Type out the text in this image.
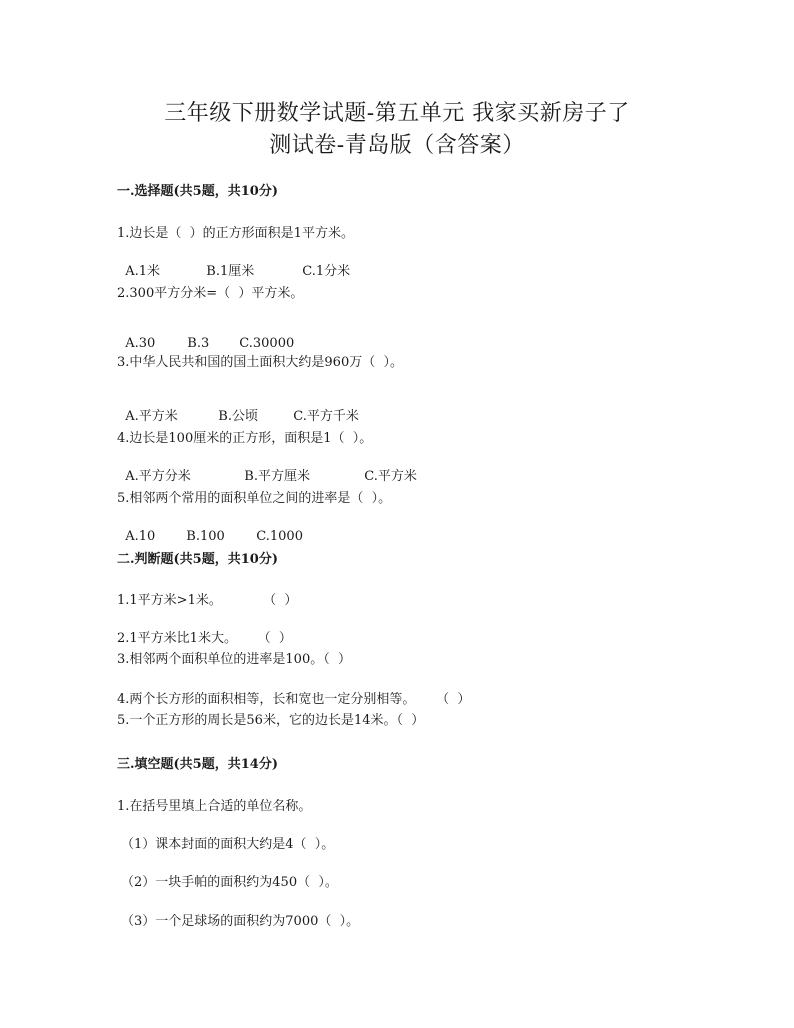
三年级下册数学试题-第五单元 我家买新房子了
测试卷-青岛版（含答案）
一.选择题(共5题，共10分)
1.边长是（  ）的正方形面积是1平方米。

A.1米	B.1厘米	C.1分米

2.300平方分米=（  ）平方米。

A.30 B.3 C.30000

3.中华人民共和国的国土面积大约是960万（  ）。

A.平方米	B.公顷	C.平方千米

4.边长是100厘米的正方形，面积是1（  ）。

A.平方分米	B.平方厘米	C.平方米

5.相邻两个常用的面积单位之间的进率是（  ）。

A.10 B.100 C.1000

二.判断题(共5题，共10分)
1.1平方米>1米。          （  ）
2.1平方米比1米大。     （  ）
3.相邻两个面积单位的进率是100。（  ）
4.两个长方形的面积相等，长和宽也一定分别相等。     （  ）
5.一个正方形的周长是56米，它的边长是14米。（  ）
三.填空题(共5题，共14分)
1.在括号里填上合适的单位名称。
（1）课本封面的面积大约是4（  ）。
（2）一块手帕的面积约为450（  ）。
（3）一个足球场的面积约为7000（  ）。
